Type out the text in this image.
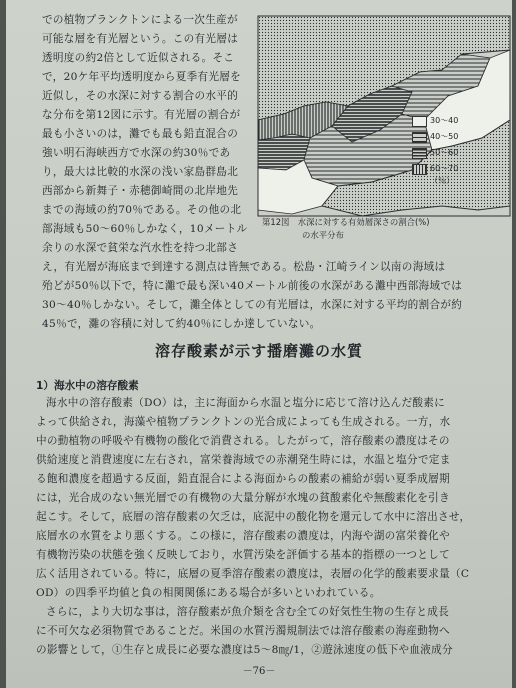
での植物プランクトンによる一次生産が

可能な層を有光層という。この有光層は

透明度の約2倍として近似される。そこ

で，20ケ年平均透明度から夏季有光層を

近似し，その水深に対する割合の水平的

な分布を第12図に示す。有光層の割合が

最も小さいのは，灘でも最も鉛直混合の

強い明石海峡西方で水深の約30％であ

り，最大は比較的水深の浅い家島群島北

西部から新舞子・赤穂御崎間の北岸地先

までの海域の約70％である。その他の北

部海域も50～60％しかなく，10メートル

余りの水深で貧栄な汽水性を持つ北部さ

30～40
40～50
50～60
60～70
（％）
第12図　水深に対する有効層深さの割合(%)
の水平分布

え，有光層が海底まで到達する測点は皆無である。松島・江崎ライン以南の海域は

殆どが50％以下で，特に灘で最も深い40メートル前後の水深がある灘中西部海域では

30～40％しかない。そして，灘全体としての有光層は，水深に対する平均的割合が約

45％で，灘の容積に対して約40％にしか達していない。

溶存酸素が示す播磨灘の水質
1）海水中の溶存酸素

海水中の溶存酸素（DO）は，主に海面から水温と塩分に応じて溶け込んだ酸素に

よって供給され，海藻や植物プランクトンの光合成によっても生成される。一方，水

中の動植物の呼吸や有機物の酸化で消費される。したがって，溶存酸素の濃度はその

供給速度と消費速度に左右され，富栄養海域での赤潮発生時には，水温と塩分で定ま

る飽和濃度を超過する反面，鉛直混合による海面からの酸素の補給が弱い夏季成層期

には，光合成のない無光層での有機物の大量分解が水塊の貧酸素化や無酸素化を引き

起こす。そして，底層の溶存酸素の欠乏は，底泥中の酸化物を還元して水中に溶出させ，

底層水の水質をより悪くする。この様に，溶存酸素の濃度は，内海や湖の富栄養化や

有機物汚染の状態を強く反映しており，水質汚染を評価する基本的指標の一つとして

広く活用されている。特に，底層の夏季溶存酸素の濃度は，表層の化学的酸素要求量（C

OD）の四季平均値と負の相関関係にある場合が多いといわれている。

さらに，より大切な事は，溶存酸素が魚介類を含む全ての好気性生物の生存と成長

に不可欠な必須物質であることだ。米国の水質汚濁規制法では溶存酸素の海産動物へ

の影響として，①生存と成長に必要な濃度は5～8㎎/1，②遊泳速度の低下や血液成分

－76－
